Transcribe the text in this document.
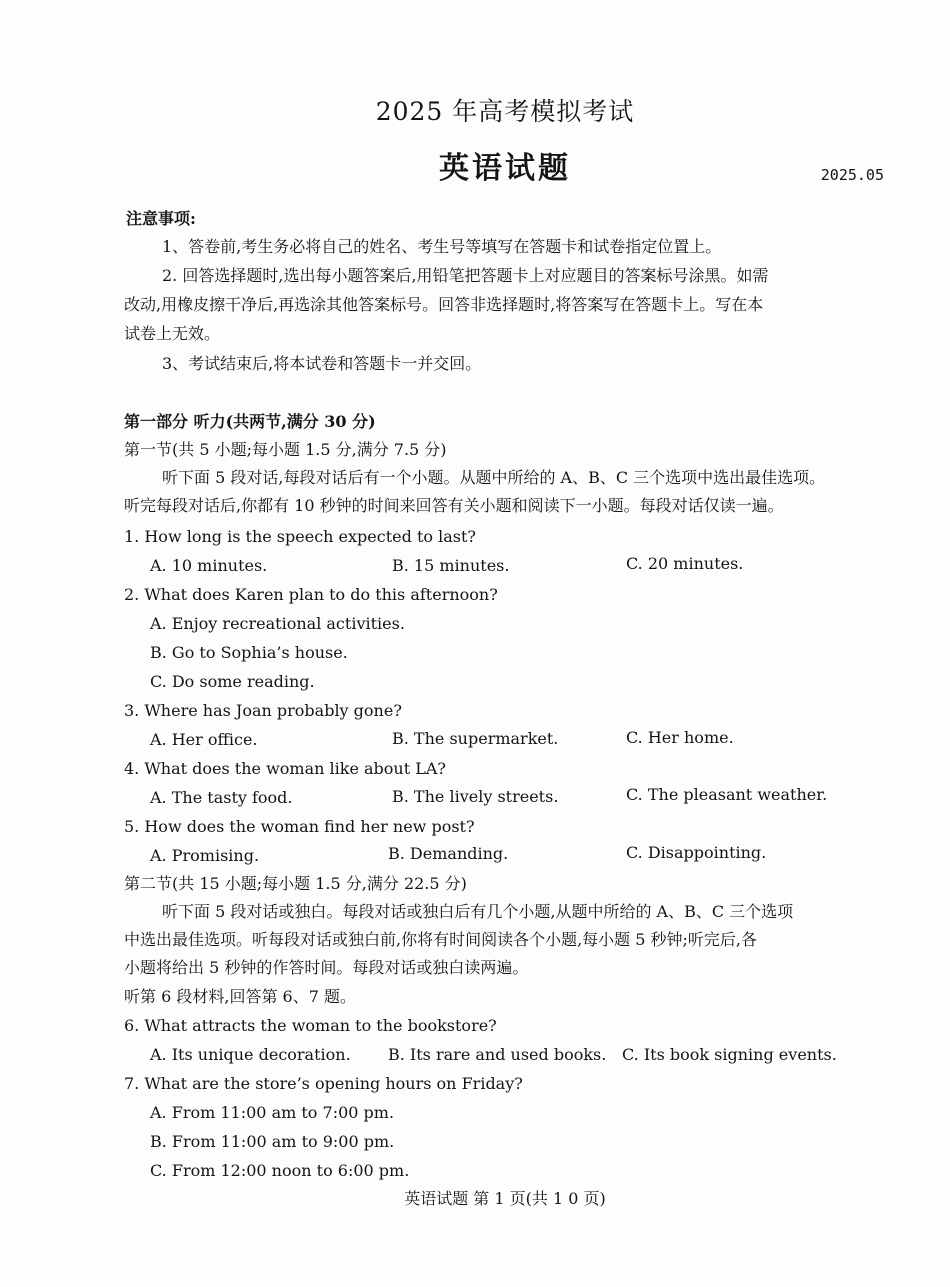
2025 年高考模拟考试
英语试题	2025.05
注意事项:
1、答卷前,考生务必将自己的姓名、考生号等填写在答题卡和试卷指定位置上。
2. 回答选择题时,选出每小题答案后,用铅笔把答题卡上对应题目的答案标号涂黑。如需
改动,用橡皮擦干净后,再选涂其他答案标号。回答非选择题时,将答案写在答题卡上。写在本
试卷上无效。
3、考试结束后,将本试卷和答题卡一并交回。
第一部分 听力(共两节,满分 30 分)
第一节(共 5 小题;每小题 1.5 分,满分 7.5 分)
听下面 5 段对话,每段对话后有一个小题。从题中所给的 A、B、C 三个选项中选出最佳选项。
听完每段对话后,你都有 10 秒钟的时间来回答有关小题和阅读下一小题。每段对话仅读一遍。
1. How long is the speech expected to last?
A. 10 minutes.	B. 15 minutes.	C. 20 minutes.
2. What does Karen plan to do this afternoon?
A. Enjoy recreational activities.
B. Go to Sophia’s house.
C. Do some reading.
3. Where has Joan probably gone?
A. Her office.	B. The supermarket.	C. Her home.
4. What does the woman like about LA?
A. The tasty food.	B. The lively streets.	C. The pleasant weather.
5. How does the woman find her new post?
A. Promising.	B. Demanding.	C. Disappointing.
第二节(共 15 小题;每小题 1.5 分,满分 22.5 分)
听下面 5 段对话或独白。每段对话或独白后有几个小题,从题中所给的 A、B、C 三个选项
中选出最佳选项。听每段对话或独白前,你将有时间阅读各个小题,每小题 5 秒钟;听完后,各
小题将给出 5 秒钟的作答时间。每段对话或独白读两遍。
听第 6 段材料,回答第 6、7 题。
6. What attracts the woman to the bookstore?
A. Its unique decoration. B. Its rare and used books. C. Its book signing events.
7. What are the store’s opening hours on Friday?
A. From 11:00 am to 7:00 pm.
B. From 11:00 am to 9:00 pm.
C. From 12:00 noon to 6:00 pm.
英语试题 第 1 页(共 1 0 页)
